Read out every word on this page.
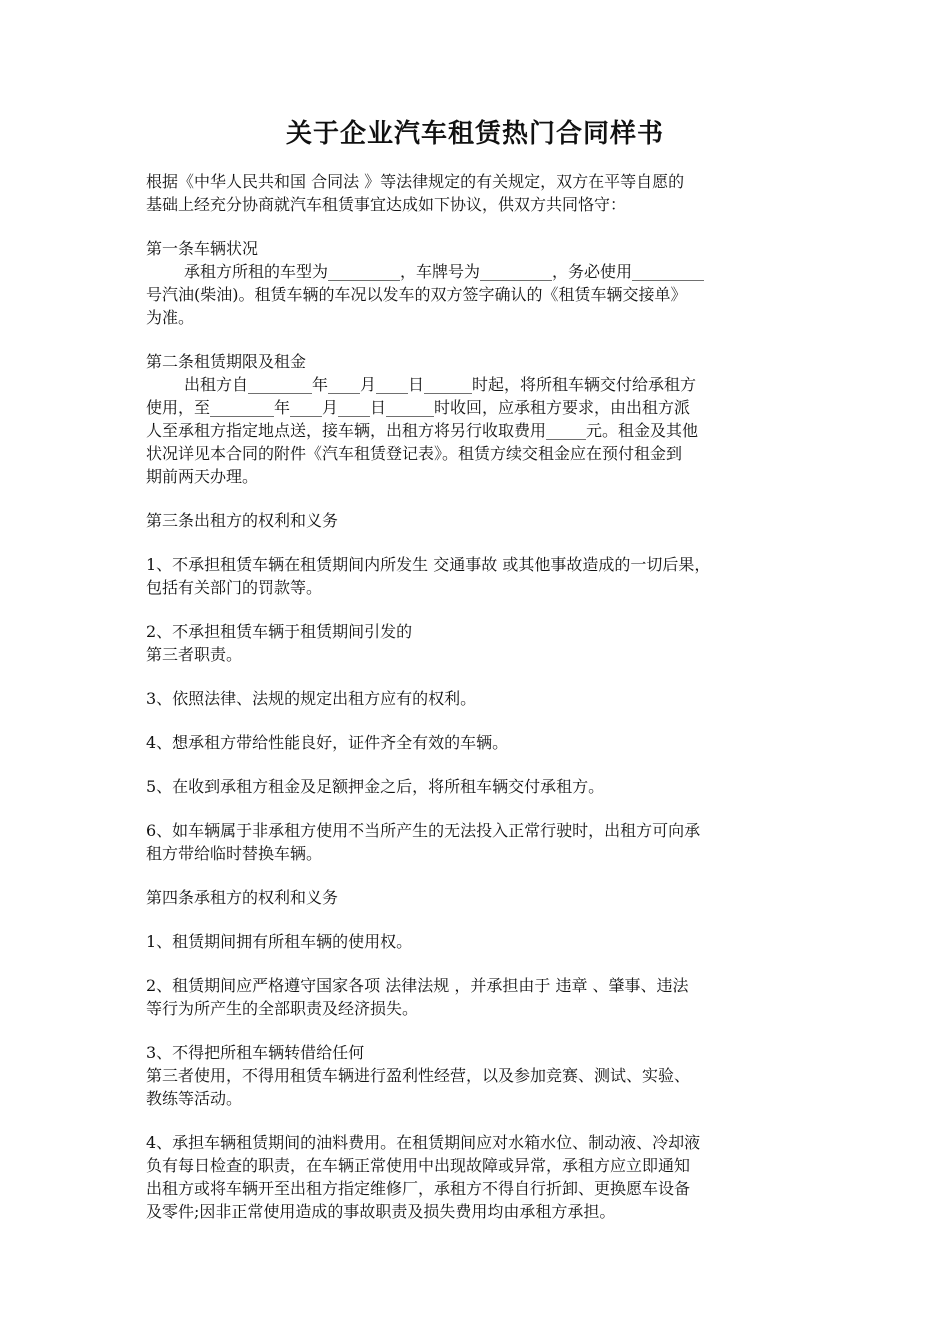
关于企业汽车租赁热门合同样书

根据《中华人民共和国 合同法 》等法律规定的有关规定，双方在平等自愿的

基础上经充分协商就汽车租赁事宜达成如下协议，供双方共同恪守：

第一条车辆状况

承租方所租的车型为_________，车牌号为_________，务必使用_________

号汽油(柴油)。租赁车辆的车况以发车的双方签字确认的《租赁车辆交接单》

为准。

第二条租赁期限及租金

出租方自________年____月____日______时起，将所租车辆交付给承租方

使用，至________年____月____日______时收回，应承租方要求，由出租方派

人至承租方指定地点送，接车辆，出租方将另行收取费用_____元。租金及其他

状况详见本合同的附件《汽车租赁登记表》。租赁方续交租金应在预付租金到

期前两天办理。

第三条出租方的权利和义务

1、不承担租赁车辆在租赁期间内所发生 交通事故 或其他事故造成的一切后果，

包括有关部门的罚款等。

2、不承担租赁车辆于租赁期间引发的

第三者职责。

3、依照法律、法规的规定出租方应有的权利。

4、想承租方带给性能良好，证件齐全有效的车辆。

5、在收到承租方租金及足额押金之后，将所租车辆交付承租方。

6、如车辆属于非承租方使用不当所产生的无法投入正常行驶时，出租方可向承

租方带给临时替换车辆。

第四条承租方的权利和义务

1、租赁期间拥有所租车辆的使用权。

2、租赁期间应严格遵守国家各项 法律法规 ，并承担由于 违章 、肇事、违法

等行为所产生的全部职责及经济损失。

3、不得把所租车辆转借给任何

第三者使用，不得用租赁车辆进行盈利性经营，以及参加竞赛、测试、实验、

教练等活动。

4、承担车辆租赁期间的油料费用。在租赁期间应对水箱水位、制动液、冷却液

负有每日检查的职责，在车辆正常使用中出现故障或异常，承租方应立即通知

出租方或将车辆开至出租方指定维修厂，承租方不得自行折卸、更换愿车设备

及零件;因非正常使用造成的事故职责及损失费用均由承租方承担。
